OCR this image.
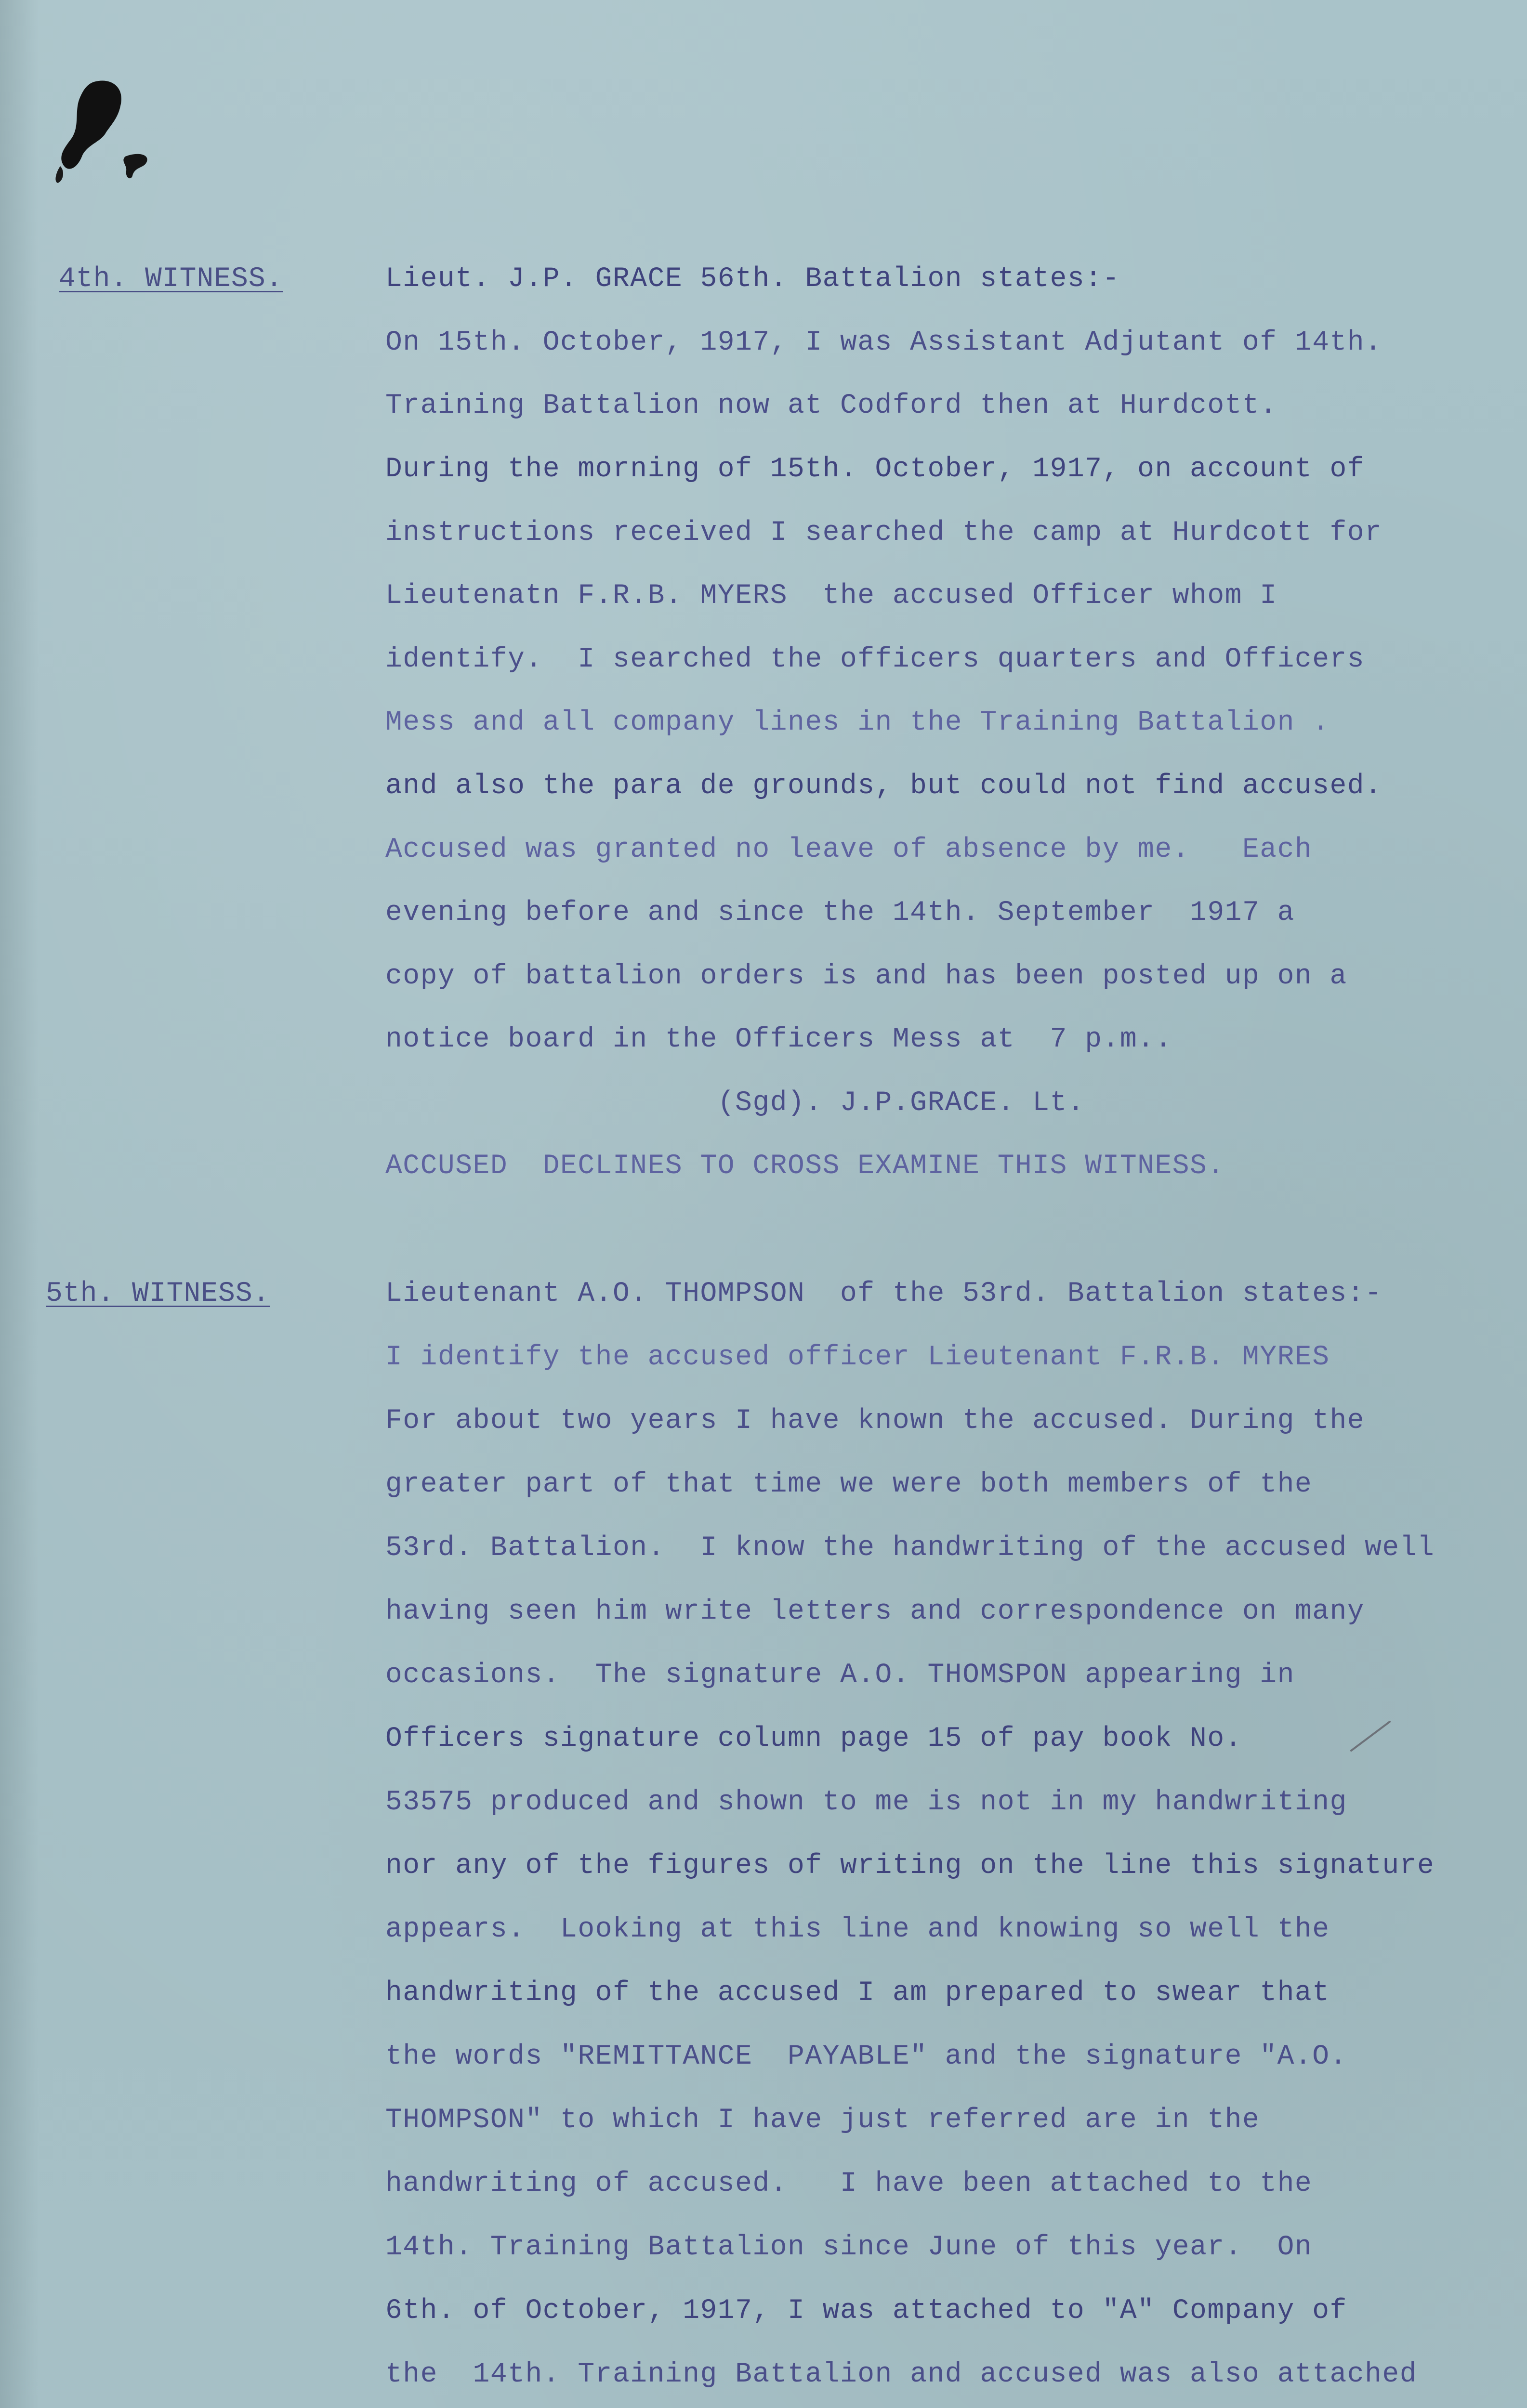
4th. WITNESS.	Lieut. J.P. GRACE 56th. Battalion states:-
On 15th. October, 1917, I was Assistant Adjutant of 14th.
Training Battalion now at Codford then at Hurdcott.
During the morning of 15th. October, 1917, on account of
instructions received I searched the camp at Hurdcott for
Lieutenatn F.R.B. MYERS  the accused Officer whom I
identify.  I searched the officers quarters and Officers
Mess and all company lines in the Training Battalion .
and also the para de grounds, but could not find accused.
Accused was granted no leave of absence by me.   Each
evening before and since the 14th. September  1917 a
copy of battalion orders is and has been posted up on a
notice board in the Officers Mess at  7 p.m..
(Sgd). J.P.GRACE. Lt.
ACCUSED  DECLINES TO CROSS EXAMINE THIS WITNESS.
5th. WITNESS.	Lieutenant A.O. THOMPSON  of the 53rd. Battalion states:-
I identify the accused officer Lieutenant F.R.B. MYRES
For about two years I have known the accused. During the
greater part of that time we were both members of the
53rd. Battalion.  I know the handwriting of the accused well
having seen him write letters and correspondence on many
occasions.  The signature A.O. THOMSPON appearing in
Officers signature column page 15 of pay book No.
53575 produced and shown to me is not in my handwriting
nor any of the figures of writing on the line this signature
appears.  Looking at this line and knowing so well the
handwriting of the accused I am prepared to swear that
the words "REMITTANCE  PAYABLE" and the signature "A.O.
THOMPSON" to which I have just referred are in the
handwriting of accused.   I have been attached to the
14th. Training Battalion since June of this year.  On
6th. of October, 1917, I was attached to "A" Company of
the  14th. Training Battalion and accused was also attached
